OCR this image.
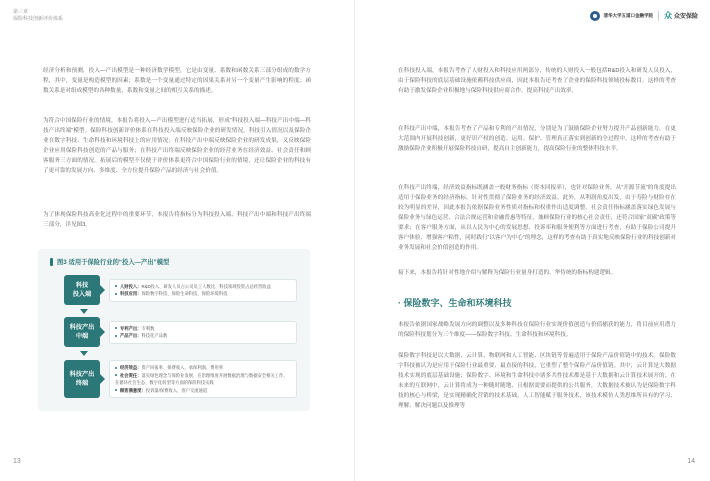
第三章
保险科技创新评价体系

经济分析和预测，投入—产出模型是一种经济数学模型，它是由变量、系数和函数关系三部分组成的数学方程，其中，变量是构造模型的因素；系数是一个变量通过特定的因果关系对另一个变量产生影响的程度；函数关系是对组成模型的各种数量、系数和变量之间的相互关系的描述。

为符合中国保险行业的情境，本报告将投入—产出模型进行适当拓展，形成“科技投入端—科技产出中端—科技产出终端”模型。保险科技创新评价体系在科技投入端反映保险企业的研发情况，科技引入情况以及保险企业在数字科技、生命科技和环境科技上的应用情况；在科技产出中端反映保险企业的研发成果，又反映保险企业应用保险科技创造的产品与服务；在科技产出终端反映保险企业的经营业务在经济效益、社会责任和顾客服务三方面的情况。拓展后的模型不仅便于评价体系更符合中国保险行业的情境，还让保险企业的科技有了更可靠的发展方向、多维度、全方位提升保险产品的经济与社会价值。

为了体现保险科技高业化过程中的重要环节，本报告将指标分为科技投入端、科技产出中端和科技产出终端三部分，详见图3。

图3 适用于保险行业的“投入—产出”模型
科技
投入端
人财投入：R&D投入、研发人员占公司员工人数比、科技领域投资占总经营收益
科技应用：保险数字科技、保险生命科技、保险环境科技
科技产出
中端
专利产出：专利数
产品产出：科技化产品数
科技产出
终端
经济效益：资产回报率、保费收入、承保利润、费用率
社会责任：落实绿色理念与保险业发展、在治理维度开展数据治理与数据安全相关工作、在循环社会生态、数字化转型等方面的保险科技实践
顾客满意度：投诉量/保费收入、客户交流通道
13
清华大学五道口金融学院 众 众安保险

在科技投入端，本报告考查了人财投入和科技应用两部分，传统的人财投入一般包括R&D投入和研发人员投入，由于保险科技的底层基础设施依赖科技供应商，因此本报告还考查了企业的保险科技领域投标数目。这样的考查有助于激发保险企业积极地与保险科技供应商合作，提高科技产出效率。

在科技产出中端，本报告考查了产品和专利的产出情况，分别是为了鼓励保险企业努力提升产品创新能力，在更大范围内开展科技创新，更好识产权的创造、运用、保护、管理真正落实到创新的全过程中。这样的考查有助于激励保险企业积极开展保险科技自研，提高自主创新能力，提高保险行业的整体科技水平。

在科技产出终端，经济效益指标既涵盖一般财务指标（资本回报率），也针对保险业务，从“开源节流”的角度提出适用于保险业务的经济指标。针对性贯彻了保险业务的经济效益。此外，从利润角度出发，由于寿险与财险存在较为明显的差异，因此本报告依据保险业务性质对指标和权重作出适度调整。社会责任指标涵盖落实绿色发展与保险业务与绿色运营、合法合规运营和金融普惠等特征，兼顾保险行业的核心社会责任，还符合国家“双碳”政策等要求；在客户服务方面，从以人民为中心的发展思想、投诉率和服务便利等方面进行考查，有助于保险公司提升客户体验、增强客户粘性，同时践行“以客户为中心”的理念，这样的考查有助于真实地反映保险行业的科技创新对业务发展和社会价值创造的作用。

接下来，本报告将针对性地介绍与解释为保险行业量身打造的、华侍统的指标构建逻辑。

· 保险数字、生命和环境科技

本报告依据国家战略发展方向的调整以及多种科技在保险行业实现价值创造与价值捕获的能力，将目前应用潜力的保险科技划分为三个维度——保险数字科技、生命科技和环境科技。

保险数字科技是以大数据、云计算、物联网和人工智能、区块链等普遍适用于保险产品价值链中的技术。保险数字科技被认为是应用于保险行业最重要、最直接的科技，它重塑了整个保险产品价值链。其中，云计算是大数据技术实现的底层基础设施；保险数字、环境和生命科技中诸多共性技术都是基于大数据和云计算技术展开的。在未来的互联网中，云计算将成为一种随时随地、且根据需要而提供的公共服务，大数据技术被认为是保险数字科技的核心与桥梁，是实现精确化营销的技术基础。人工智能赋于服务技术，该技术模仿人类思维所具有的学习、理解、解决问题以及推理等

14
